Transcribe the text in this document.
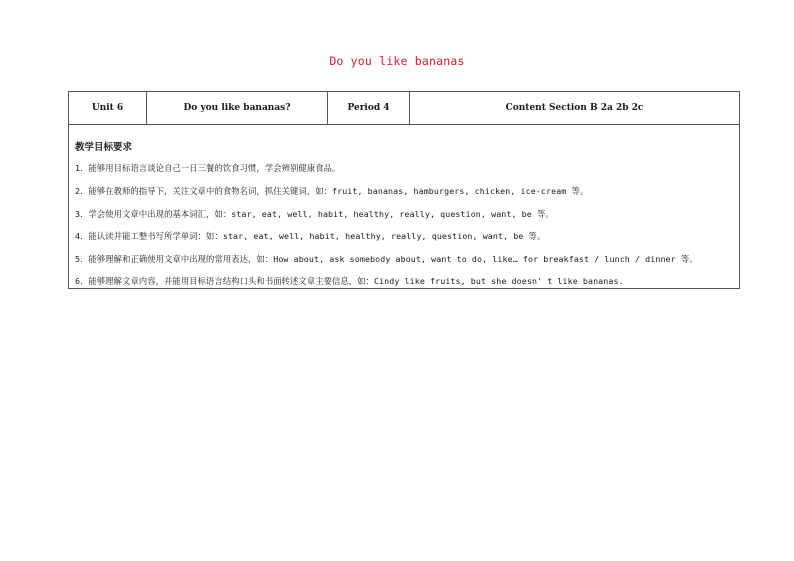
Do you like bananas
Unit 6	Do you like bananas?	Period 4	Content Section B 2a 2b 2c
教学目标要求
1．能够用目标语言谈论自己一日三餐的饮食习惯，学会辨别健康食品。
2．能够在教师的指导下，关注文章中的食物名词，抓住关键词，如：fruit, bananas, hamburgers, chicken, ice-cream 等。
3．学会使用文章中出现的基本词汇，如：star, eat, well, habit, healthy, really, question, want, be 等。
4．能认读并能工整书写所学单词：如：star, eat, well, habit, healthy, really, question, want, be 等。
5．能够理解和正确使用文章中出现的常用表达，如：How about, ask somebody about, want to do, like… for breakfast / lunch / dinner 等。
6．能够理解文章内容，并能用目标语言结构口头和书面转述文章主要信息，如：Cindy like fruits, but she doesn' t like bananas.
